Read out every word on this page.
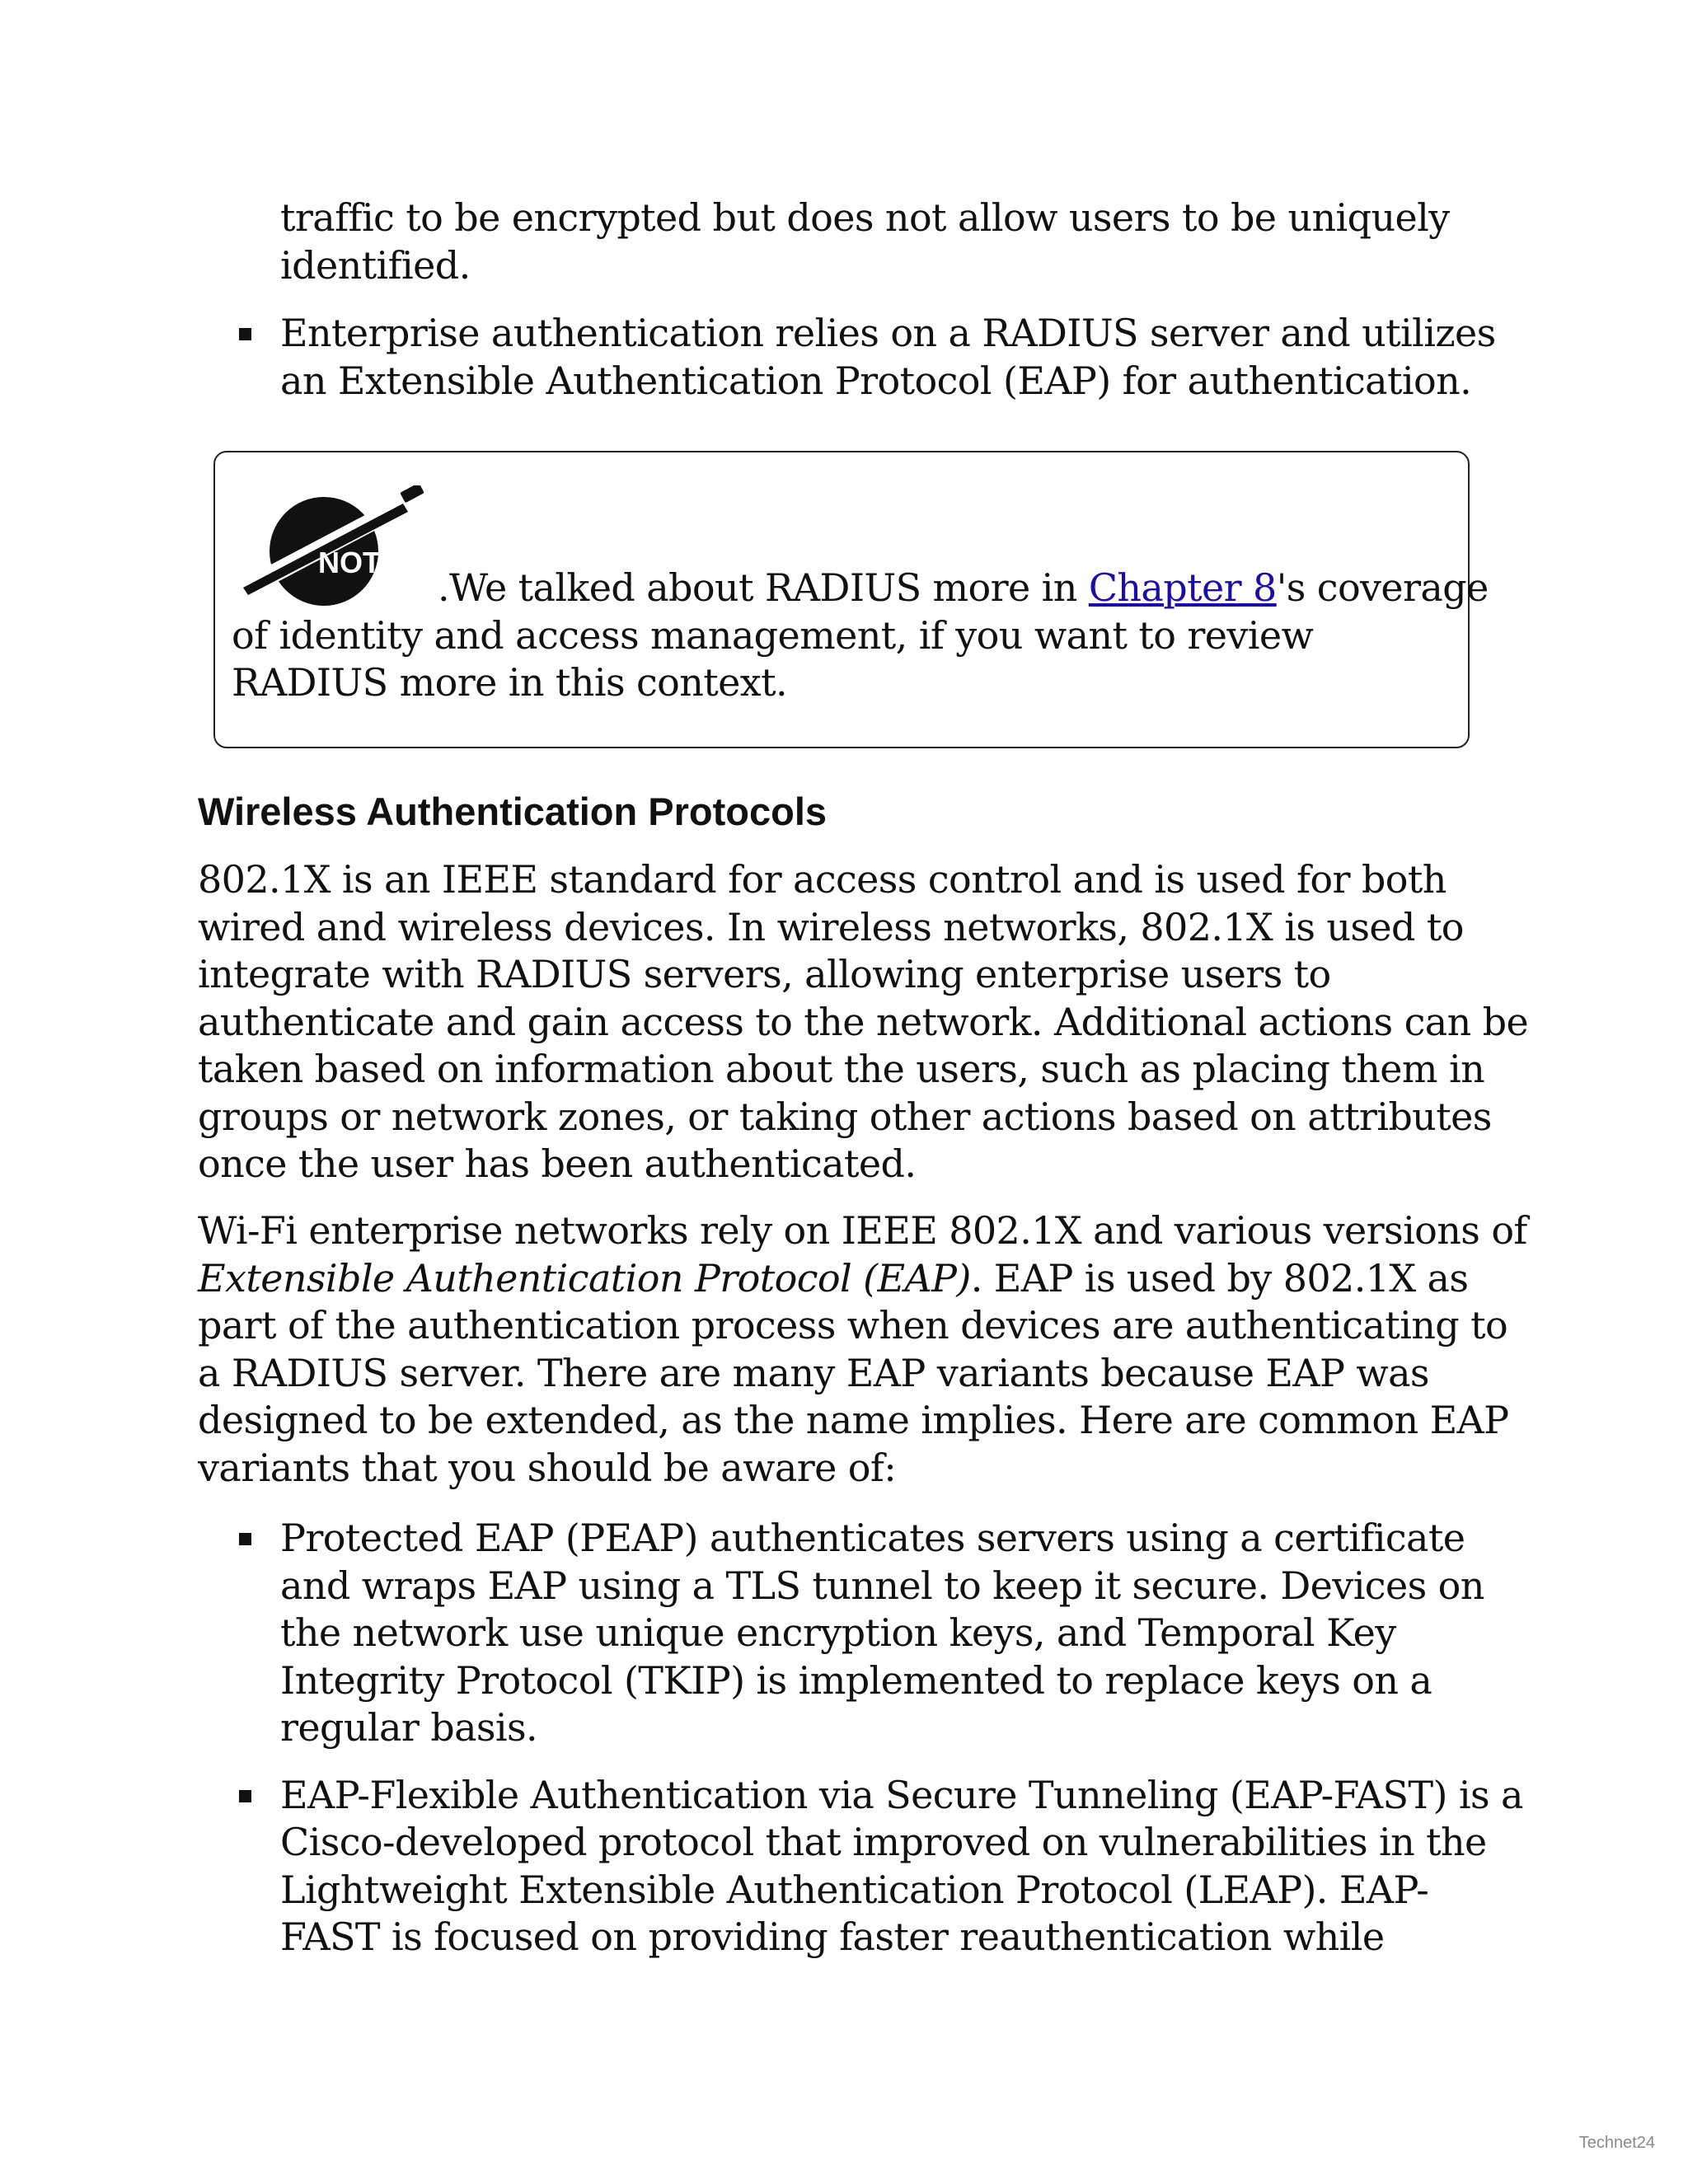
traffic to be encrypted but does not allow users to be uniquely identified.

Enterprise authentication relies on a RADIUS server and utilizes an Extensible Authentication Protocol (EAP) for authentication.
NOTE

.We talked about RADIUS more in Chapter 8's coverage

of identity and access management, if you want to review RADIUS more in this context.

Wireless Authentication Protocols

802.1X is an IEEE standard for access control and is used for both wired and wireless devices. In wireless networks, 802.1X is used to integrate with RADIUS servers, allowing enterprise users to authenticate and gain access to the network. Additional actions can be taken based on information about the users, such as placing them in groups or network zones, or taking other actions based on attributes once the user has been authenticated.

Wi-Fi enterprise networks rely on IEEE 802.1X and various versions of Extensible Authentication Protocol (EAP). EAP is used by 802.1X as part of the authentication process when devices are authenticating to a RADIUS server. There are many EAP variants because EAP was designed to be extended, as the name implies. Here are common EAP variants that you should be aware of:

Protected EAP (PEAP) authenticates servers using a certificate and wraps EAP using a TLS tunnel to keep it secure. Devices on the network use unique encryption keys, and Temporal Key Integrity Protocol (TKIP) is implemented to replace keys on a regular basis.
EAP-Flexible Authentication via Secure Tunneling (EAP-FAST) is a Cisco-developed protocol that improved on vulnerabilities in the Lightweight Extensible Authentication Protocol (LEAP). EAP-FAST is focused on providing faster reauthentication while
Technet24
